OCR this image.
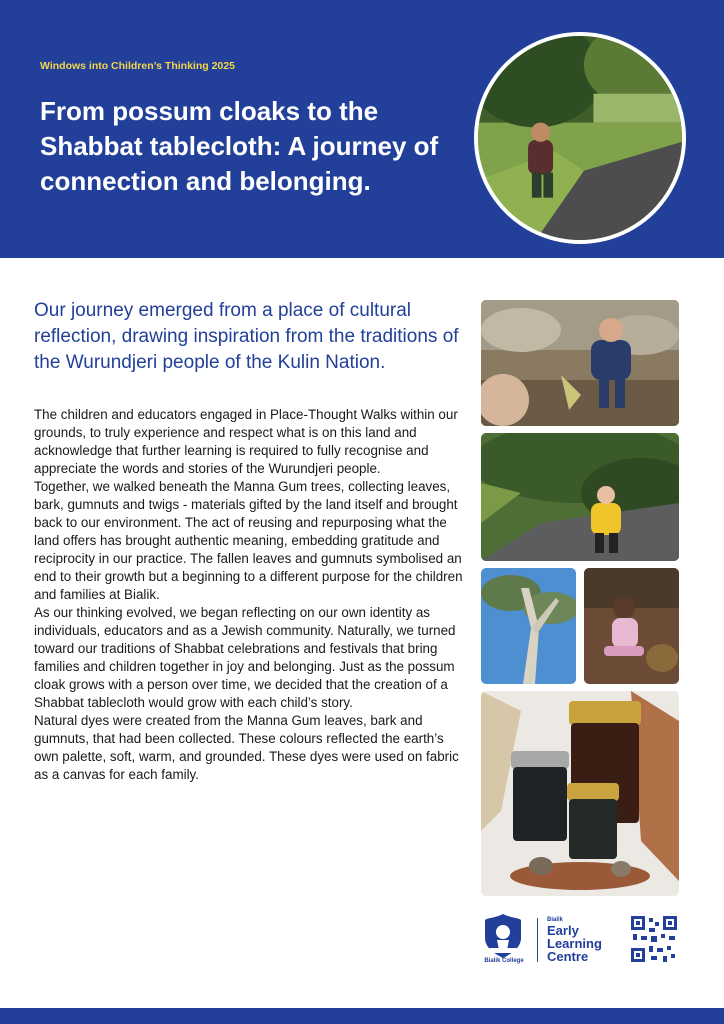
Windows into Children’s Thinking 2025
From possum cloaks to the Shabbat tablecloth: A journey of connection and belonging.
Our journey emerged from a place of cultural reflection, drawing inspiration from the traditions of the Wurundjeri people of the Kulin Nation.

The children and educators engaged in Place-Thought Walks within our grounds, to truly experience and respect what is on this land and acknowledge that further learning is required to fully recognise and appreciate the words and stories of the Wurundjeri people.

Together, we walked beneath the Manna Gum trees, collecting leaves, bark, gumnuts and twigs - materials gifted by the land itself and brought back to our environment. The act of reusing and repurposing what the land offers has brought authentic meaning, embedding gratitude and reciprocity in our practice. The fallen leaves and gumnuts symbolised an end to their growth but a beginning to a different purpose for the children and families at Bialik.

As our thinking evolved, we began reflecting on our own identity as individuals, educators and as a Jewish community. Naturally, we turned toward our traditions of Shabbat celebrations and festivals that bring families and children together in joy and belonging. Just as the possum cloak grows with a person over time, we decided that the creation of a Shabbat tablecloth would grow with each child’s story.

Natural dyes were created from the Manna Gum leaves, bark and gumnuts, that had been collected. These colours reflected the earth’s own palette, soft, warm, and grounded. These dyes were used on fabric as a canvas for each family.

Bialik College
Bialik
Early
Learning
Centre
